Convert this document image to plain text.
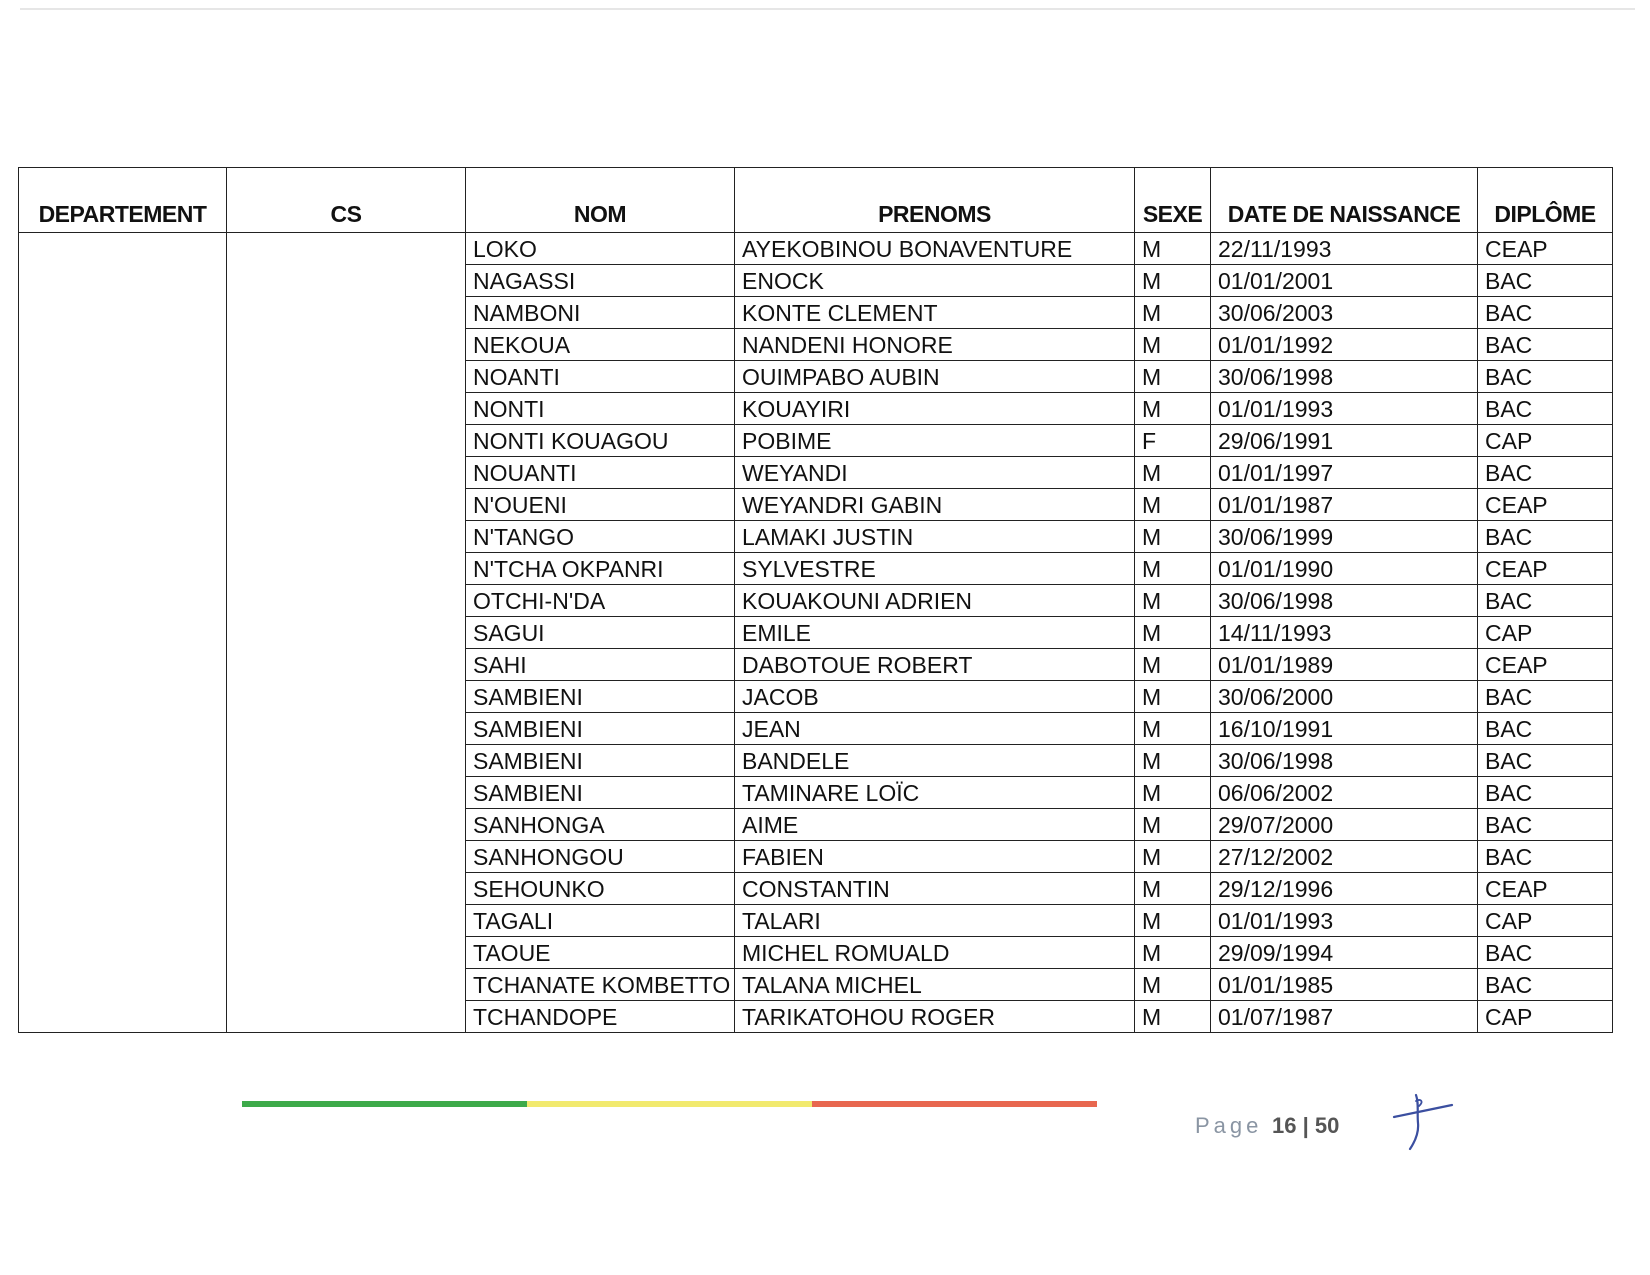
DEPARTEMENT	CS	NOM	PRENOMS	SEXE	DATE DE NAISSANCE	DIPLÔME
		LOKO	AYEKOBINOU BONAVENTURE	M	22/11/1993	CEAP
		NAGASSI	ENOCK	M	01/01/2001	BAC
		NAMBONI	KONTE CLEMENT	M	30/06/2003	BAC
		NEKOUA	NANDENI HONORE	M	01/01/1992	BAC
		NOANTI	OUIMPABO AUBIN	M	30/06/1998	BAC
		NONTI	KOUAYIRI	M	01/01/1993	BAC
		NONTI KOUAGOU	POBIME	F	29/06/1991	CAP
		NOUANTI	WEYANDI	M	01/01/1997	BAC
		N'OUENI	WEYANDRI GABIN	M	01/01/1987	CEAP
		N'TANGO	LAMAKI JUSTIN	M	30/06/1999	BAC
		N'TCHA OKPANRI	SYLVESTRE	M	01/01/1990	CEAP
		OTCHI-N'DA	KOUAKOUNI ADRIEN	M	30/06/1998	BAC
		SAGUI	EMILE	M	14/11/1993	CAP
		SAHI	DABOTOUE ROBERT	M	01/01/1989	CEAP
		SAMBIENI	JACOB	M	30/06/2000	BAC
		SAMBIENI	JEAN	M	16/10/1991	BAC
		SAMBIENI	BANDELE	M	30/06/1998	BAC
		SAMBIENI	TAMINARE LOÏC	M	06/06/2002	BAC
		SANHONGA	AIME	M	29/07/2000	BAC
		SANHONGOU	FABIEN	M	27/12/2002	BAC
		SEHOUNKO	CONSTANTIN	M	29/12/1996	CEAP
		TAGALI	TALARI	M	01/01/1993	CAP
		TAOUE	MICHEL ROMUALD	M	29/09/1994	BAC
		TCHANATE KOMBETTO	TALANA MICHEL	M	01/01/1985	BAC
		TCHANDOPE	TARIKATOHOU ROGER	M	01/07/1987	CAP
Page 16 | 50
